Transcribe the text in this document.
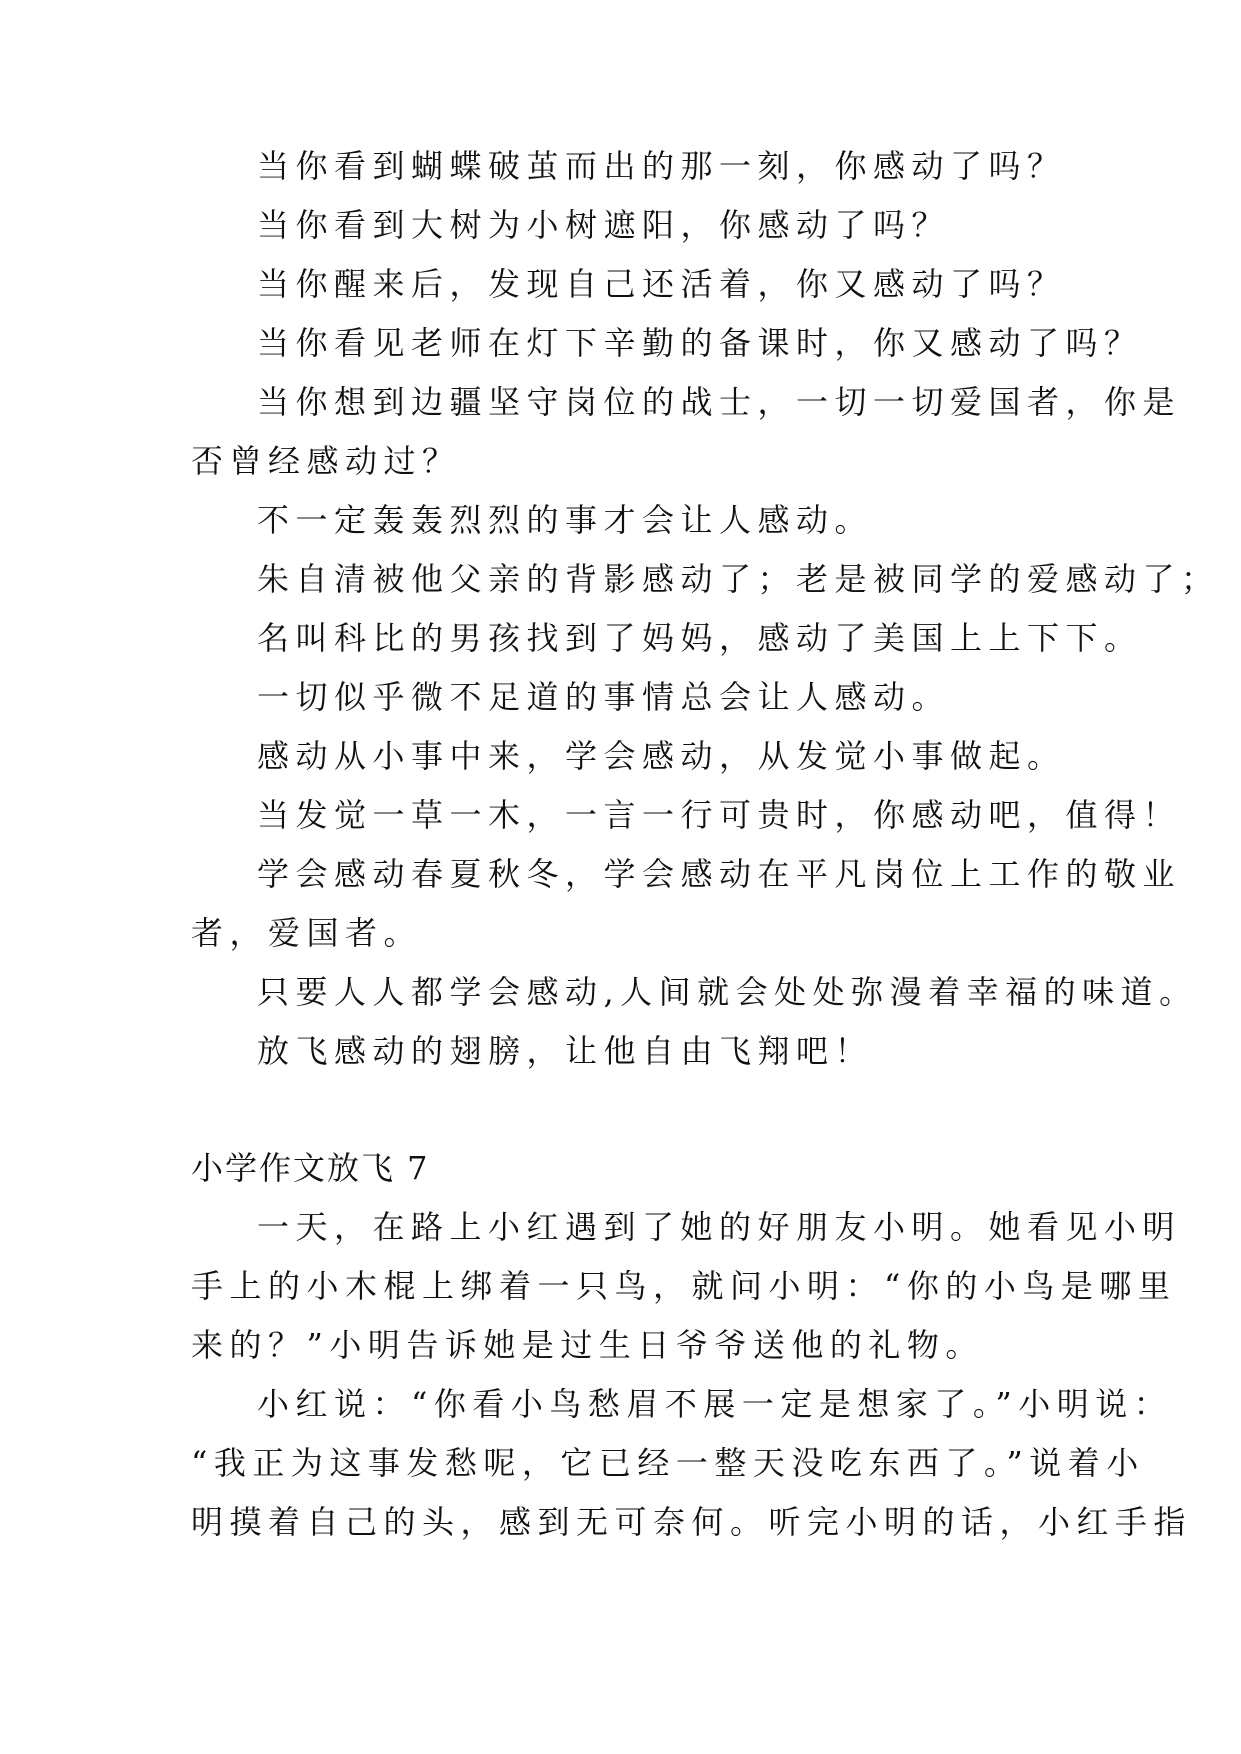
当你看到蝴蝶破茧而出的那一刻，你感动了吗？
当你看到大树为小树遮阳，你感动了吗？
当你醒来后，发现自己还活着，你又感动了吗？
当你看见老师在灯下辛勤的备课时，你又感动了吗？
当你想到边疆坚守岗位的战士，一切一切爱国者，你是
否曾经感动过？
不一定轰轰烈烈的事才会让人感动。
朱自清被他父亲的背影感动了；老是被同学的爱感动了；
名叫科比的男孩找到了妈妈，感动了美国上上下下。
一切似乎微不足道的事情总会让人感动。
感动从小事中来，学会感动，从发觉小事做起。
当发觉一草一木，一言一行可贵时，你感动吧，值得！
学会感动春夏秋冬，学会感动在平凡岗位上工作的敬业
者，爱国者。
只要人人都学会感动,人间就会处处弥漫着幸福的味道。
放飞感动的翅膀，让他自由飞翔吧！
小学作文放飞 7
一天，在路上小红遇到了她的好朋友小明。她看见小明
手上的小木棍上绑着一只鸟，就问小明：“你的小鸟是哪里
来的？”小明告诉她是过生日爷爷送他的礼物。
小红说：“你看小鸟愁眉不展一定是想家了。”小明说：
“我正为这事发愁呢，它已经一整天没吃东西了。”说着小
明摸着自己的头，感到无可奈何。听完小明的话，小红手指
